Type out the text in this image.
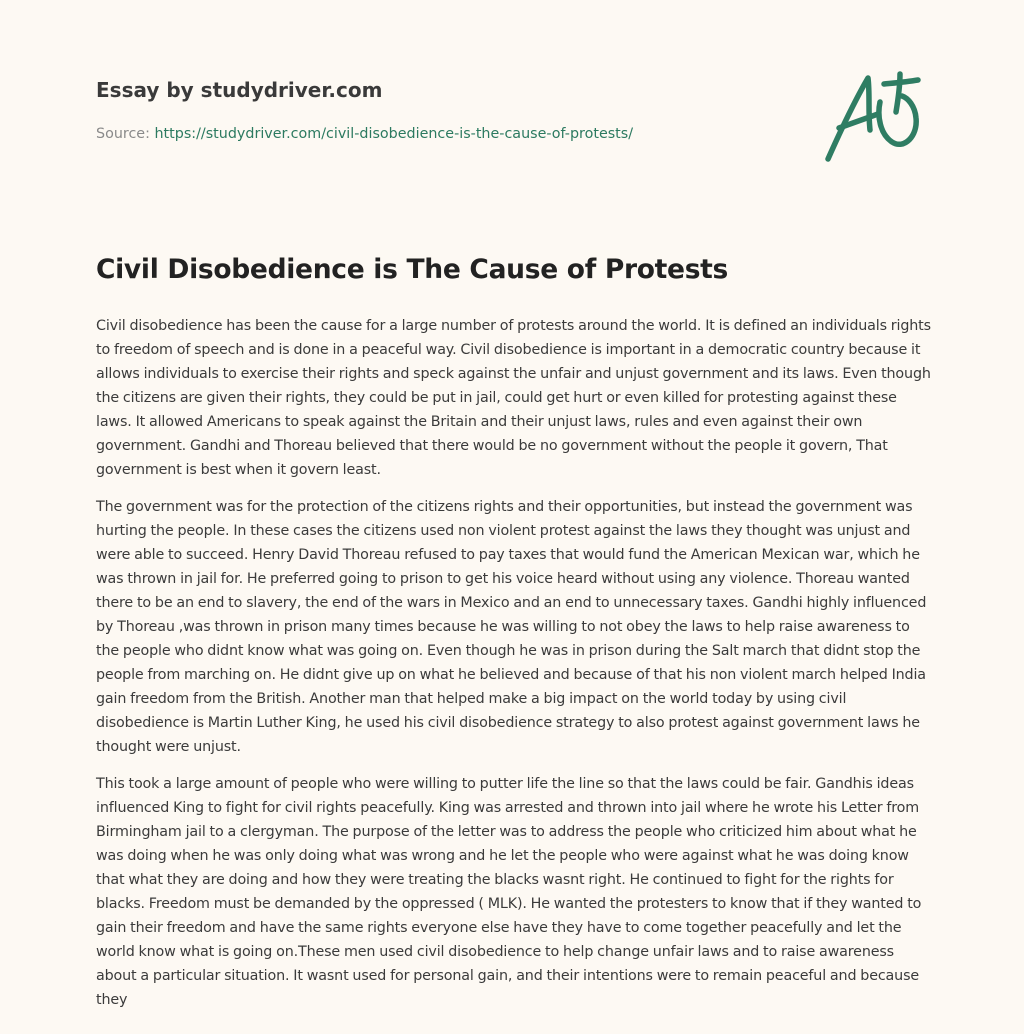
Essay by studydriver.com
Source: https://studydriver.com/civil-disobedience-is-the-cause-of-protests/
Civil Disobedience is The Cause of Protests

Civil disobedience has been the cause for a large number of protests around the world. It is defined an individuals rights to freedom of speech and is done in a peaceful way. Civil disobedience is important in a democratic country because it allows individuals to exercise their rights and speck against the unfair and unjust government and its laws. Even though the citizens are given their rights, they could be put in jail, could get hurt or even killed for protesting against these laws. It allowed Americans to speak against the Britain and their unjust laws, rules and even against their own government. Gandhi and Thoreau believed that there would be no government without the people it govern, That government is best when it govern least.

The government was for the protection of the citizens rights and their opportunities, but instead the government was hurting the people. In these cases the citizens used non violent protest against the laws they thought was unjust and were able to succeed. Henry David Thoreau refused to pay taxes that would fund the American Mexican war, which he was thrown in jail for. He preferred going to prison to get his voice heard without using any violence. Thoreau wanted there to be an end to slavery, the end of the wars in Mexico and an end to unnecessary taxes. Gandhi highly influenced by Thoreau ,was thrown in prison many times because he was willing to not obey the laws to help raise awareness to the people who didnt know what was going on. Even though he was in prison during the Salt march that didnt stop the people from marching on. He didnt give up on what he believed and because of that his non violent march helped India gain freedom from the British. Another man that helped make a big impact on the world today by using civil disobedience is Martin Luther King, he used his civil disobedience strategy to also protest against government laws he thought were unjust.

This took a large amount of people who were willing to putter life the line so that the laws could be fair. Gandhis ideas influenced King to fight for civil rights peacefully. King was arrested and thrown into jail where he wrote his Letter from Birmingham jail to a clergyman. The purpose of the letter was to address the people who criticized him about what he was doing when he was only doing what was wrong and he let the people who were against what he was doing know that what they are doing and how they were treating the blacks wasnt right. He continued to fight for the rights for blacks. Freedom must be demanded by the oppressed ( MLK). He wanted the protesters to know that if they wanted to gain their freedom and have the same rights everyone else have they have to come together peacefully and let the world know what is going on.These men used civil disobedience to help change unfair laws and to raise awareness about a particular situation. It wasnt used for personal gain, and their intentions were to remain peaceful and because they
